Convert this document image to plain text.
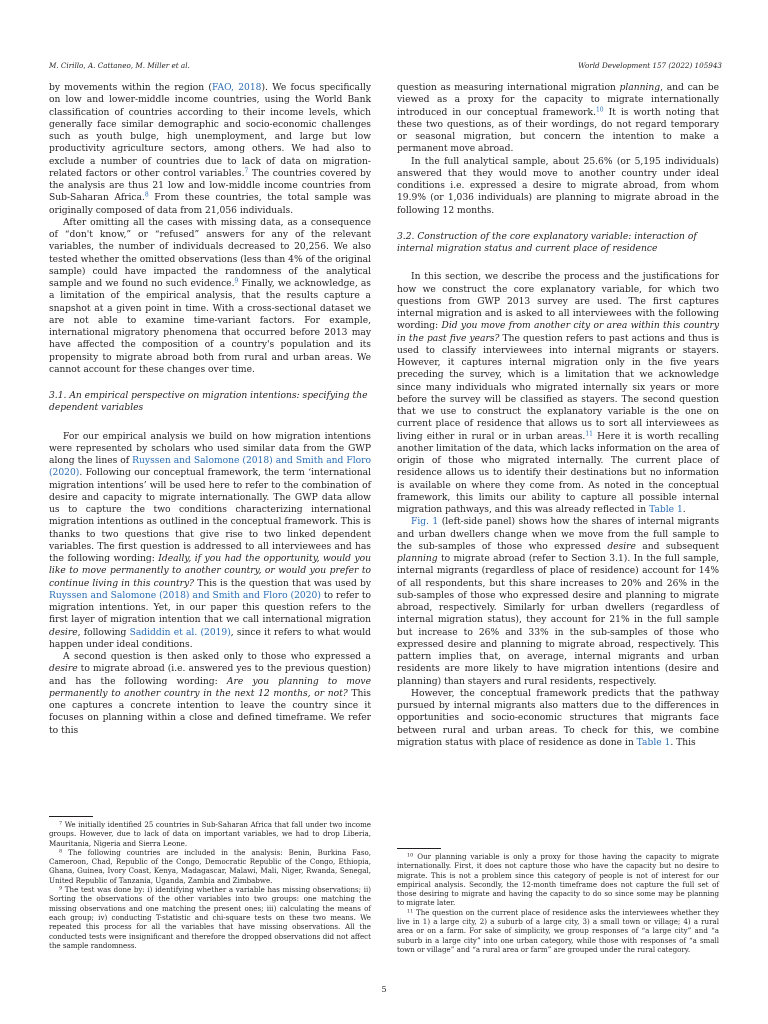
M. Cirillo, A. Cattaneo, M. Miller et al.	World Development 157 (2022) 105943

by movements within the region (FAO, 2018). We focus specifically on low and lower-middle income countries, using the World Bank classification of countries according to their income levels, which generally face similar demographic and socio-economic challenges such as youth bulge, high unemployment, and large but low productivity agriculture sectors, among others. We had also to exclude a number of countries due to lack of data on migration-related factors or other control variables.$^7$ The countries covered by the analysis are thus 21 low and low-middle income countries from Sub-Saharan Africa.$^8$ From these countries, the total sample was originally composed of data from 21,056 individuals.

After omitting all the cases with missing data, as a consequence of “don't know,” or “refused” answers for any of the relevant variables, the number of individuals decreased to 20,256. We also tested whether the omitted observations (less than 4% of the original sample) could have impacted the randomness of the analytical sample and we found no such evidence.$^9$ Finally, we acknowledge, as a limitation of the empirical analysis, that the results capture a snapshot at a given point in time. With a cross-sectional dataset we are not able to examine time-variant factors. For example, international migratory phenomena that occurred before 2013 may have affected the composition of a country's population and its propensity to migrate abroad both from rural and urban areas. We cannot account for these changes over time.

3.1. An empirical perspective on migration intentions: specifying the dependent variables

For our empirical analysis we build on how migration intentions were represented by scholars who used similar data from the GWP along the lines of Ruyssen and Salomone (2018) and Smith and Floro (2020). Following our conceptual framework, the term ‘international migration intentions’ will be used here to refer to the combination of desire and capacity to migrate internationally. The GWP data allow us to capture the two conditions characterizing international migration intentions as outlined in the conceptual framework. This is thanks to two questions that give rise to two linked dependent variables. The first question is addressed to all interviewees and has the following wording: Ideally, if you had the opportunity, would you like to move permanently to another country, or would you prefer to continue living in this country? This is the question that was used by Ruyssen and Salomone (2018) and Smith and Floro (2020) to refer to migration intentions. Yet, in our paper this question refers to the first layer of migration intention that we call international migration desire, following Sadiddin et al. (2019), since it refers to what would happen under ideal conditions.

A second question is then asked only to those who expressed a desire to migrate abroad (i.e. answered yes to the previous question) and has the following wording: Are you planning to move permanently to another country in the next 12 months, or not? This one captures a concrete intention to leave the country since it focuses on planning within a close and defined timeframe. We refer to this

$^7$ We initially identified 25 countries in Sub-Saharan Africa that fall under two income groups. However, due to lack of data on important variables, we had to drop Liberia, Mauritania, Nigeria and Sierra Leone.

$^8$ The following countries are included in the analysis: Benin, Burkina Faso, Cameroon, Chad, Republic of the Congo, Democratic Republic of the Congo, Ethiopia, Ghana, Guinea, Ivory Coast, Kenya, Madagascar, Malawi, Mali, Niger, Rwanda, Senegal, United Republic of Tanzania, Uganda, Zambia and Zimbabwe.

$^9$ The test was done by: i) identifying whether a variable has missing observations; ii) Sorting the observations of the other variables into two groups: one matching the missing observations and one matching the present ones; iii) calculating the means of each group; iv) conducting T-statistic and chi-square tests on these two means. We repeated this process for all the variables that have missing observations. All the conducted tests were insignificant and therefore the dropped observations did not affect the sample randomness.

question as measuring international migration planning, and can be viewed as a proxy for the capacity to migrate internationally introduced in our conceptual framework.$^{10}$ It is worth noting that these two questions, as of their wordings, do not regard temporary or seasonal migration, but concern the intention to make a permanent move abroad.

In the full analytical sample, about 25.6% (or 5,195 individuals) answered that they would move to another country under ideal conditions i.e. expressed a desire to migrate abroad, from whom 19.9% (or 1,036 individuals) are planning to migrate abroad in the following 12 months.

3.2. Construction of the core explanatory variable: interaction of internal migration status and current place of residence

In this section, we describe the process and the justifications for how we construct the core explanatory variable, for which two questions from GWP 2013 survey are used. The first captures internal migration and is asked to all interviewees with the following wording: Did you move from another city or area within this country in the past five years? The question refers to past actions and thus is used to classify interviewees into internal migrants or stayers. However, it captures internal migration only in the five years preceding the survey, which is a limitation that we acknowledge since many individuals who migrated internally six years or more before the survey will be classified as stayers. The second question that we use to construct the explanatory variable is the one on current place of residence that allows us to sort all interviewees as living either in rural or in urban areas.$^{11}$ Here it is worth recalling another limitation of the data, which lacks information on the area of origin of those who migrated internally. The current place of residence allows us to identify their destinations but no information is available on where they come from. As noted in the conceptual framework, this limits our ability to capture all possible internal migration pathways, and this was already reflected in Table 1.

Fig. 1 (left-side panel) shows how the shares of internal migrants and urban dwellers change when we move from the full sample to the sub-samples of those who expressed desire and subsequent planning to migrate abroad (refer to Section 3.1). In the full sample, internal migrants (regardless of place of residence) account for 14% of all respondents, but this share increases to 20% and 26% in the sub-samples of those who expressed desire and planning to migrate abroad, respectively. Similarly for urban dwellers (regardless of internal migration status), they account for 21% in the full sample but increase to 26% and 33% in the sub-samples of those who expressed desire and planning to migrate abroad, respectively. This pattern implies that, on average, internal migrants and urban residents are more likely to have migration intentions (desire and planning) than stayers and rural residents, respectively.

However, the conceptual framework predicts that the pathway pursued by internal migrants also matters due to the differences in opportunities and socio-economic structures that migrants face between rural and urban areas. To check for this, we combine migration status with place of residence as done in Table 1. This

$^{10}$ Our planning variable is only a proxy for those having the capacity to migrate internationally. First, it does not capture those who have the capacity but no desire to migrate. This is not a problem since this category of people is not of interest for our empirical analysis. Secondly, the 12-month timeframe does not capture the full set of those desiring to migrate and having the capacity to do so since some may be planning to migrate later.

$^{11}$ The question on the current place of residence asks the interviewees whether they live in 1) a large city, 2) a suburb of a large city, 3) a small town or village; 4) a rural area or on a farm. For sake of simplicity, we group responses of “a large city” and “a suburb in a large city” into one urban category, while those with responses of “a small town or village” and “a rural area or farm” are grouped under the rural category.

5
